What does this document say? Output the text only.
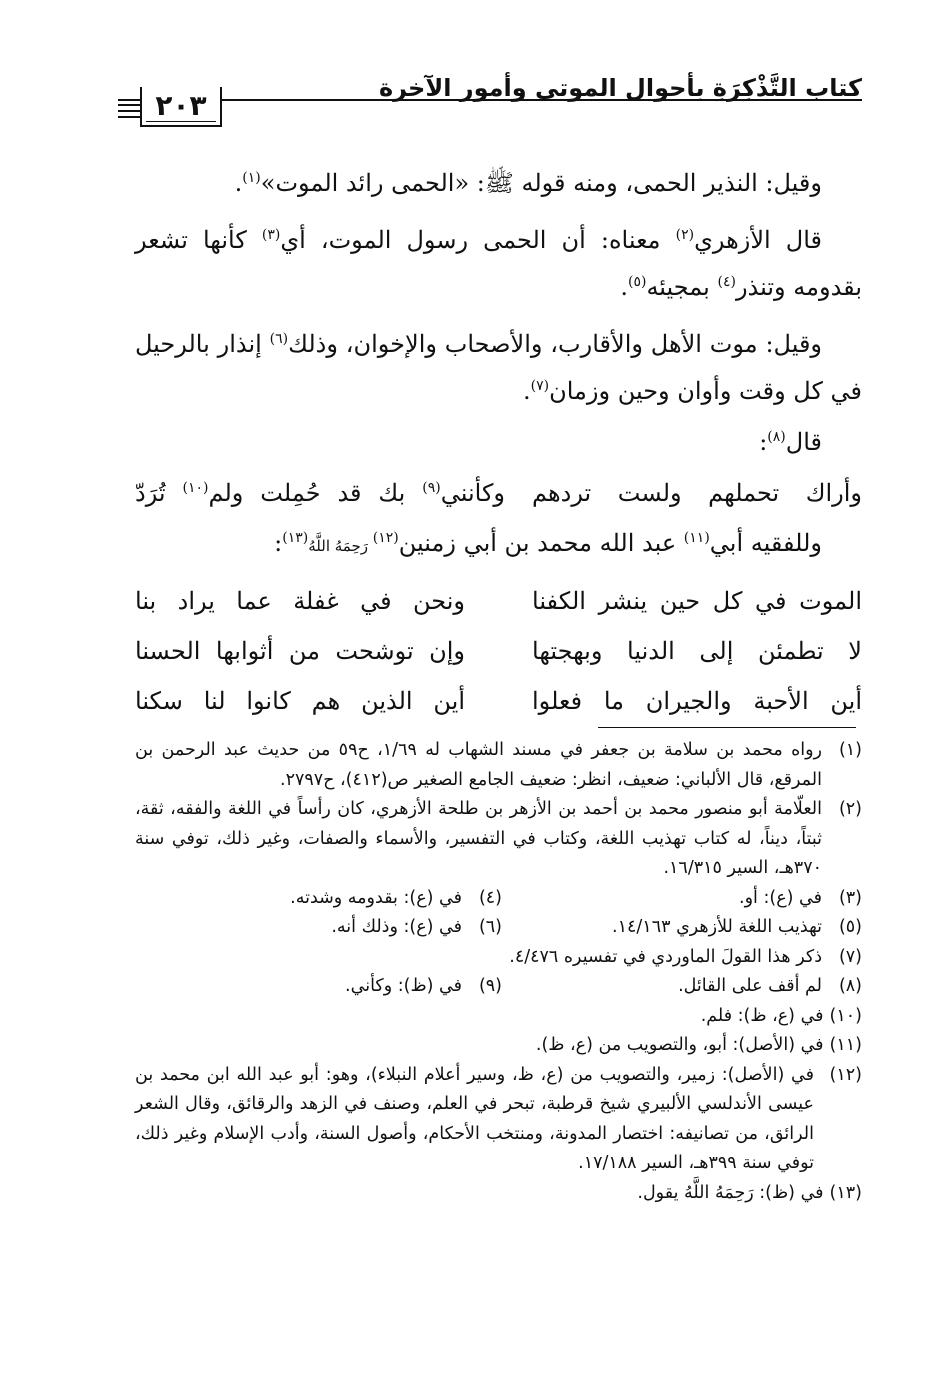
كتاب التَّذْكِرَةِ بأحوال الموتى وأمور الآخرة
٢٠٣

وقيل: النذير الحمى، ومنه قوله ﷺ: «الحمى رائد الموت»$^{(١)}$.

قال الأزهري$^{(٢)}$ معناه: أن الحمى رسول الموت، أي$^{(٣)}$ كأنها تشعر بقدومه وتنذر$^{(٤)}$ بمجيئه$^{(٥)}$.

وقيل: موت الأهل والأقارب، والأصحاب والإخوان، وذلك$^{(٦)}$ إنذار بالرحيل في كل وقت وأوان وحين وزمان$^{(٧)}$.

قال$^{(٨)}$:

وأراك تحملهم ولست تردهم
وكأنني$^{(٩)}$ بك قد حُمِلت ولم$^{(١٠)}$ تُرَدّ

وللفقيه أبي$^{(١١)}$ عبد الله محمد بن أبي زمنين$^{(١٢)}$ رَحِمَهُ اللَّهُ$^{(١٣)}$:

الموت في كل حين ينشر الكفنا
ونحن في غفلة عما يراد بنا
لا تطمئن إلى الدنيا وبهجتها
وإن توشحت من أثوابها الحسنا
أين الأحبة والجيران ما فعلوا
أين الذين هم كانوا لنا سكنا
(١)
رواه محمد بن سلامة بن جعفر في مسند الشهاب له ١/٦٩، ح٥٩ من حديث عبد الرحمن بن المرقع، قال الألباني: ضعيف، انظر: ضعيف الجامع الصغير ص(٤١٢)، ح٢٧٩٧.
(٢)
العلّامة أبو منصور محمد بن أحمد بن الأزهر بن طلحة الأزهري، كان رأساً في اللغة والفقه، ثقة، ثبتاً، ديناً، له كتاب تهذيب اللغة، وكتاب في التفسير، والأسماء والصفات، وغير ذلك، توفي سنة ٣٧٠هـ، السير ١٦/٣١٥.
(٣)
في (ع): أو.
(٤)
في (ع): بقدومه وشدته.
(٥)
تهذيب اللغة للأزهري ١٤/١٦٣.
(٦)
في (ع): وذلك أنه.
(٧)
ذكر هذا القولَ الماوردي في تفسيره ٤/٤٧٦.
(٨)
لم أقف على القائل.
(٩)
في (ظ): وكأني.
(١٠)في (ع، ظ): فلم.
(١١)في (الأصل): أبو، والتصويب من (ع، ظ).
(١٢)
في (الأصل): زمير، والتصويب من (ع، ظ، وسير أعلام النبلاء)، وهو: أبو عبد الله ابن محمد بن عيسى الأندلسي الألبيري شيخ قرطبة، تبحر في العلم، وصنف في الزهد والرقائق، وقال الشعر الرائق، من تصانيفه: اختصار المدونة، ومنتخب الأحكام، وأصول السنة، وأدب الإسلام وغير ذلك، توفي سنة ٣٩٩هـ، السير ١٧/١٨٨.
(١٣)في (ظ): رَحِمَهُ اللَّهُ يقول.
